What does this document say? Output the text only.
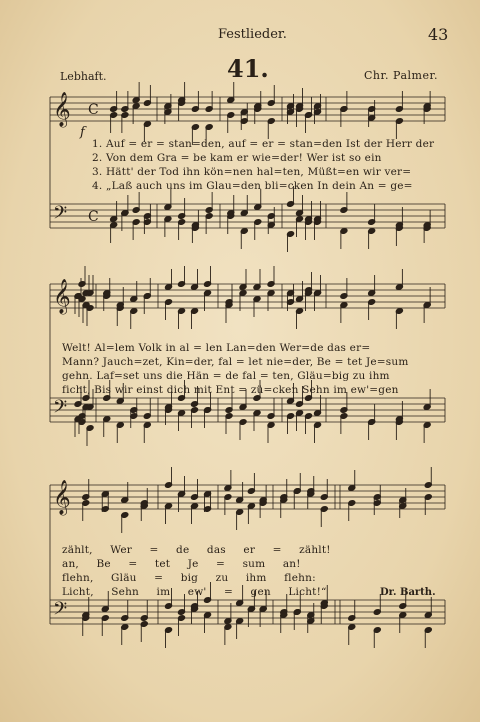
Festlieder.	43
41.
Lebhaft.	Chr. Palmer.
𝄞
𝄢
C
C
𝄞
𝄢
𝄞
𝄢
1. Auf = er = stan=den, auf = er = stan=den Ist der Herr der
2. Von dem Gra = be kam er wie=der! Wer ist so ein
3. Hätt' der Tod ihn kön=nen hal=ten, Müßt=en wir ver=
4. „Laß auch uns im Glau=den bli=cken In dein An = ge=
f
Welt! Al=lem Volk in al = len Lan=den Wer=de das er=
Mann? Jauch=zet, Kin=der, fal = let nie=der, Be = tet Je=sum
gehn. Laf=set uns die Hän = de fal = ten, Gläu=big zu ihm
ficht, Bis wir einst dich mit Ent = zü=cken Sehn im ew'=gen
zählt, Wer = de das er = zählt!
an, Be = tet Je = sum an!
flehn, Gläu = big zu ihm flehn:
Licht, Sehn im ew' = gen Licht!“	Dr. Barth.
